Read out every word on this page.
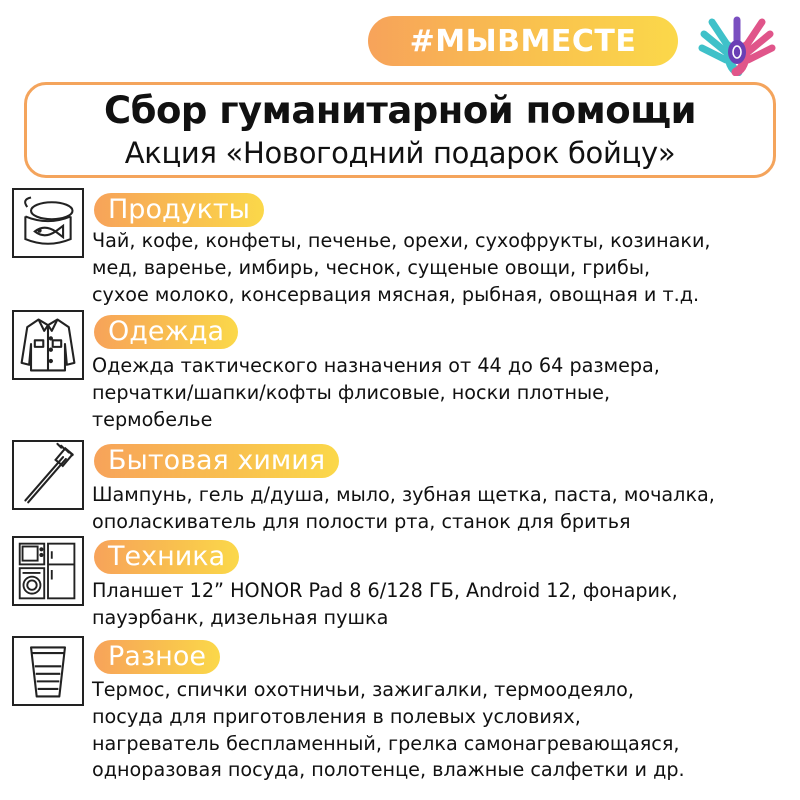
#МЫВМЕСТЕ
Сбор гуманитарной помощи
Акция «Новогодний подарок бойцу»
Продукты
Чай, кофе, конфеты, печенье, орехи, сухофрукты, козинаки,
мед, варенье, имбирь, чеснок, сущеные овощи, грибы,
сухое молоко, консервация мясная, рыбная, овощная и т.д.
Одежда
Одежда тактического назначения от 44 до 64 размера,
перчатки/шапки/кофты флисовые, носки плотные,
термобелье
Бытовая химия
Шампунь, гель д/душа, мыло, зубная щетка, паста, мочалка,
ополаскиватель для полости рта, станок для бритья
Техника
Планшет 12” HONOR Pad 8 6/128 ГБ, Android 12, фонарик,
пауэрбанк, дизельная пушка
Разное
Термос, спички охотничьи, зажигалки, термоодеяло,
посуда для приготовления в полевых условиях,
нагреватель беспламенный, грелка самонагревающаяся,
одноразовая посуда, полотенце, влажные салфетки и др.
